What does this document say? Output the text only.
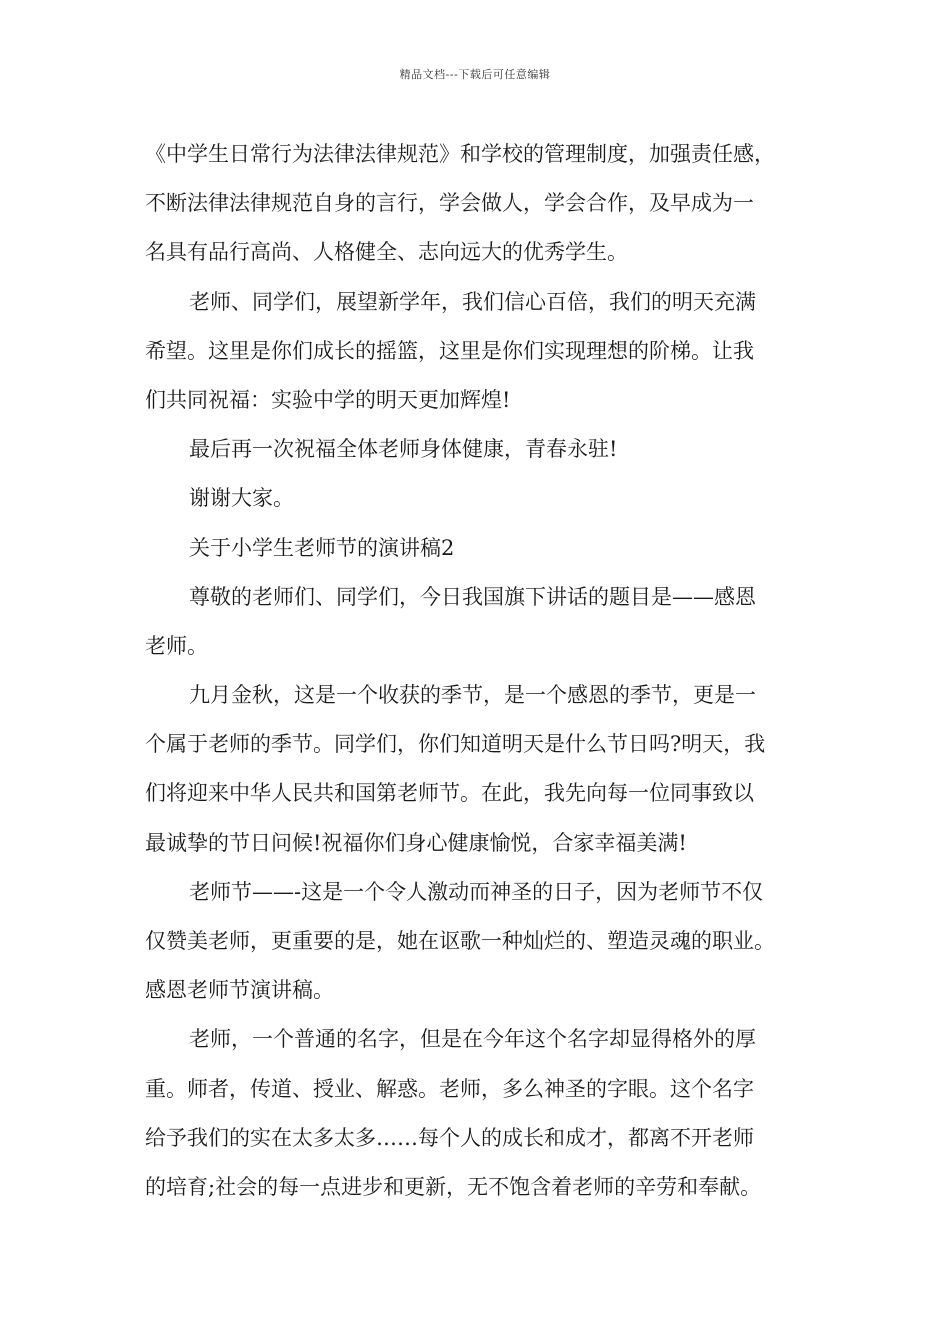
精品文档---下载后可任意编辑
《中学生日常行为法律法律规范》和学校的管理制度，加强责任感，
不断法律法律规范自身的言行，学会做人，学会合作，及早成为一
名具有品行高尚、人格健全、志向远大的优秀学生。
老师、同学们，展望新学年，我们信心百倍，我们的明天充满
希望。这里是你们成长的摇篮，这里是你们实现理想的阶梯。让我
们共同祝福：实验中学的明天更加辉煌!
最后再一次祝福全体老师身体健康，青春永驻!
谢谢大家。
关于小学生老师节的演讲稿2
尊敬的老师们、同学们，今日我国旗下讲话的题目是——感恩
老师。
九月金秋，这是一个收获的季节，是一个感恩的季节，更是一
个属于老师的季节。同学们，你们知道明天是什么节日吗?明天，我
们将迎来中华人民共和国第老师节。在此，我先向每一位同事致以
最诚挚的节日问候!祝福你们身心健康愉悦，合家幸福美满!
老师节——-这是一个令人激动而神圣的日子，因为老师节不仅
仅赞美老师，更重要的是，她在讴歌一种灿烂的、塑造灵魂的职业。
感恩老师节演讲稿。
老师，一个普通的名字，但是在今年这个名字却显得格外的厚
重。师者，传道、授业、解惑。老师，多么神圣的字眼。这个名字
给予我们的实在太多太多……每个人的成长和成才，都离不开老师
的培育;社会的每一点进步和更新，无不饱含着老师的辛劳和奉献。
